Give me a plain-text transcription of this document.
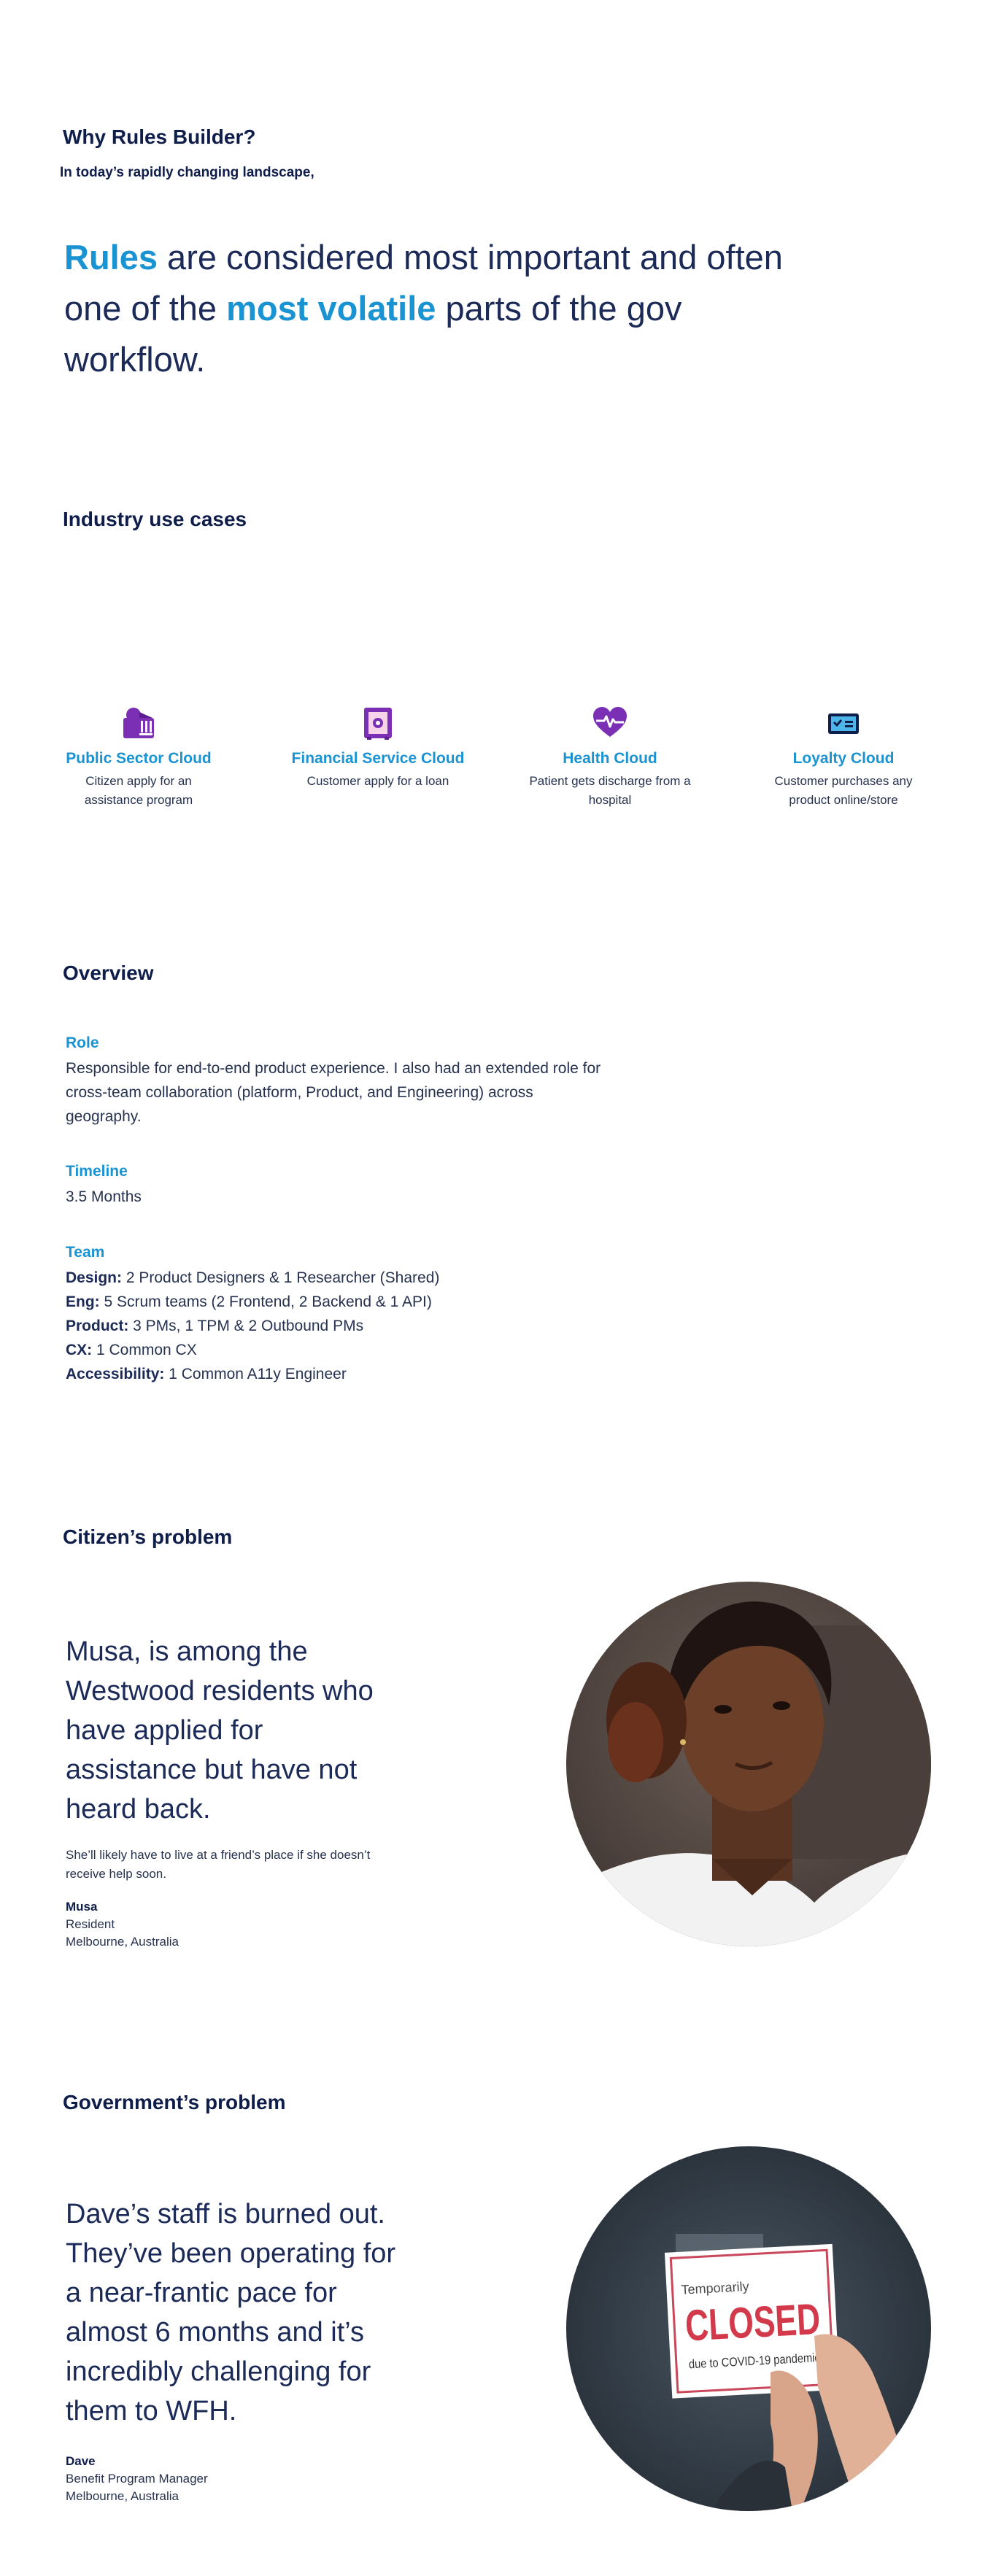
Why Rules Builder?
In today’s rapidly changing landscape,
Rules are considered most important and often one of the most volatile parts of the gov workflow.
Industry use cases
Public Sector Cloud
Citizen apply for an assistance program
Financial Service Cloud
Customer apply for a loan
Health Cloud
Patient gets discharge from a hospital
Loyalty Cloud
Customer purchases any product online/store
Overview
Role
Responsible for end-to-end product experience. I also had an extended role for cross-team collaboration (platform, Product, and Engineering) across geography.
Timeline
3.5 Months
Team
Design: 2 Product Designers & 1 Researcher (Shared)
Eng: 5 Scrum teams (2 Frontend, 2 Backend & 1 API)
Product: 3 PMs, 1 TPM & 2 Outbound PMs
CX: 1 Common CX
Accessibility: 1 Common A11y Engineer
Citizen’s problem
Musa, is among the Westwood residents who have applied for assistance but have not heard back.
She’ll likely have to live at a friend’s place if she doesn’t receive help soon.
Musa
Resident
Melbourne, Australia
Government’s problem
Dave’s staff is burned out. They’ve been operating for a near-frantic pace for almost 6 months and it’s incredibly challenging for them to WFH.
Dave
Benefit Program Manager
Melbourne, Australia
Temporarily
CLOSED
due to COVID-19 pandemic
